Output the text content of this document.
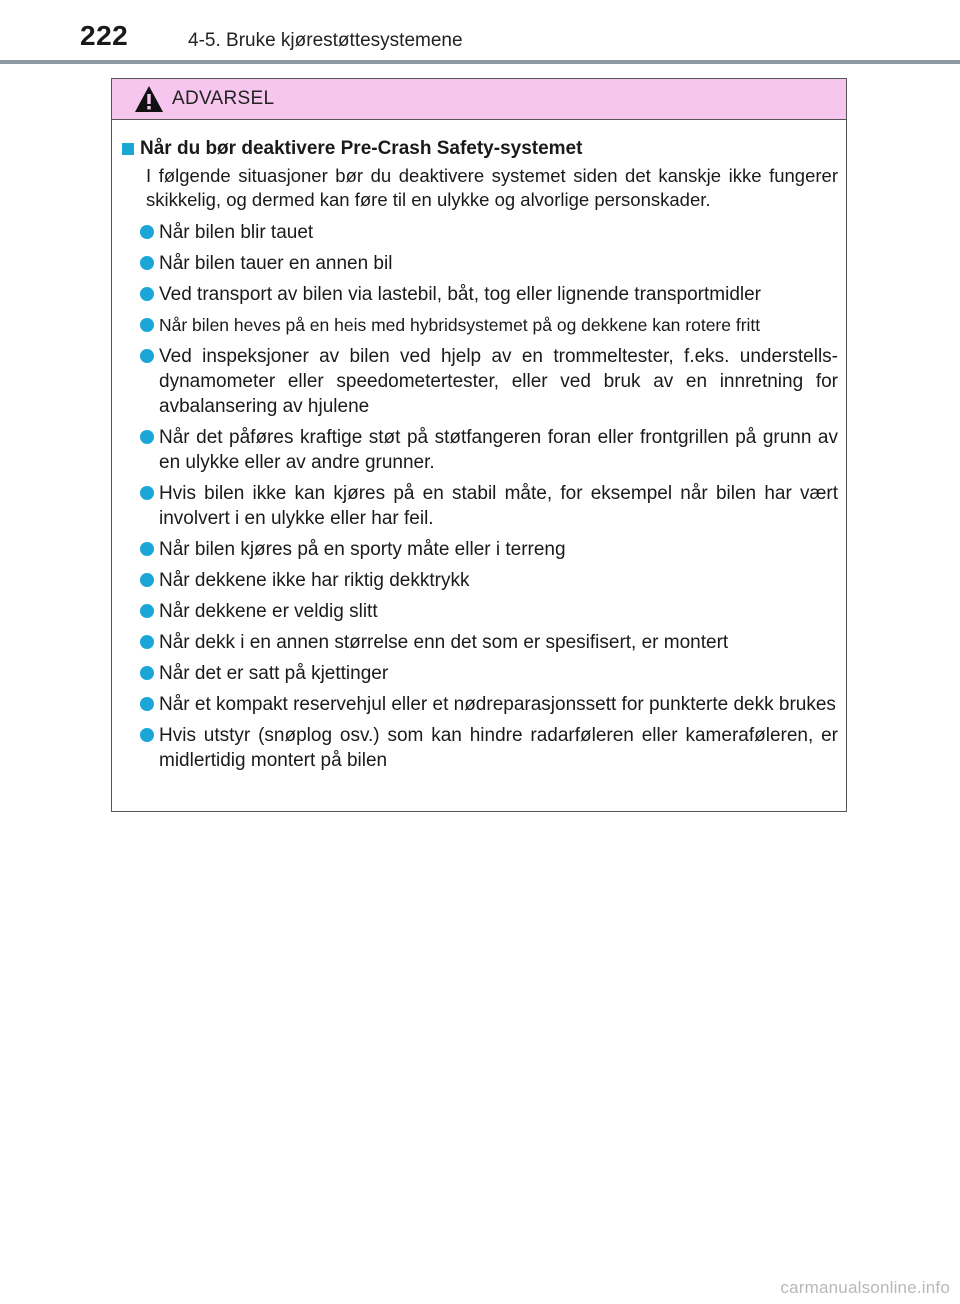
222	4-5. Bruke kjørestøttesystemene
ADVARSEL
Når du bør deaktivere Pre-Crash Safety-systemet
I følgende situasjoner bør du deaktivere systemet siden det kanskje ikke fungerer skikkelig, og dermed kan føre til en ulykke og alvorlige personskader.
Når bilen blir tauet
Når bilen tauer en annen bil
Ved transport av bilen via lastebil, båt, tog eller lignende transportmidler
Når bilen heves på en heis med hybridsystemet på og dekkene kan rotere fritt
Ved inspeksjoner av bilen ved hjelp av en trommeltester, f.eks. understells-dynamometer eller speedometertester, eller ved bruk av en innretning for avbalansering av hjulene
Når det påføres kraftige støt på støtfangeren foran eller frontgrillen på grunn av en ulykke eller av andre grunner.
Hvis bilen ikke kan kjøres på en stabil måte, for eksempel når bilen har vært involvert i en ulykke eller har feil.
Når bilen kjøres på en sporty måte eller i terreng
Når dekkene ikke har riktig dekktrykk
Når dekkene er veldig slitt
Når dekk i en annen størrelse enn det som er spesifisert, er montert
Når det er satt på kjettinger
Når et kompakt reservehjul eller et nødreparasjonssett for punkterte dekk brukes
Hvis utstyr (snøplog osv.) som kan hindre radarføleren eller kameraføleren, er midlertidig montert på bilen
carmanualsonline.info
